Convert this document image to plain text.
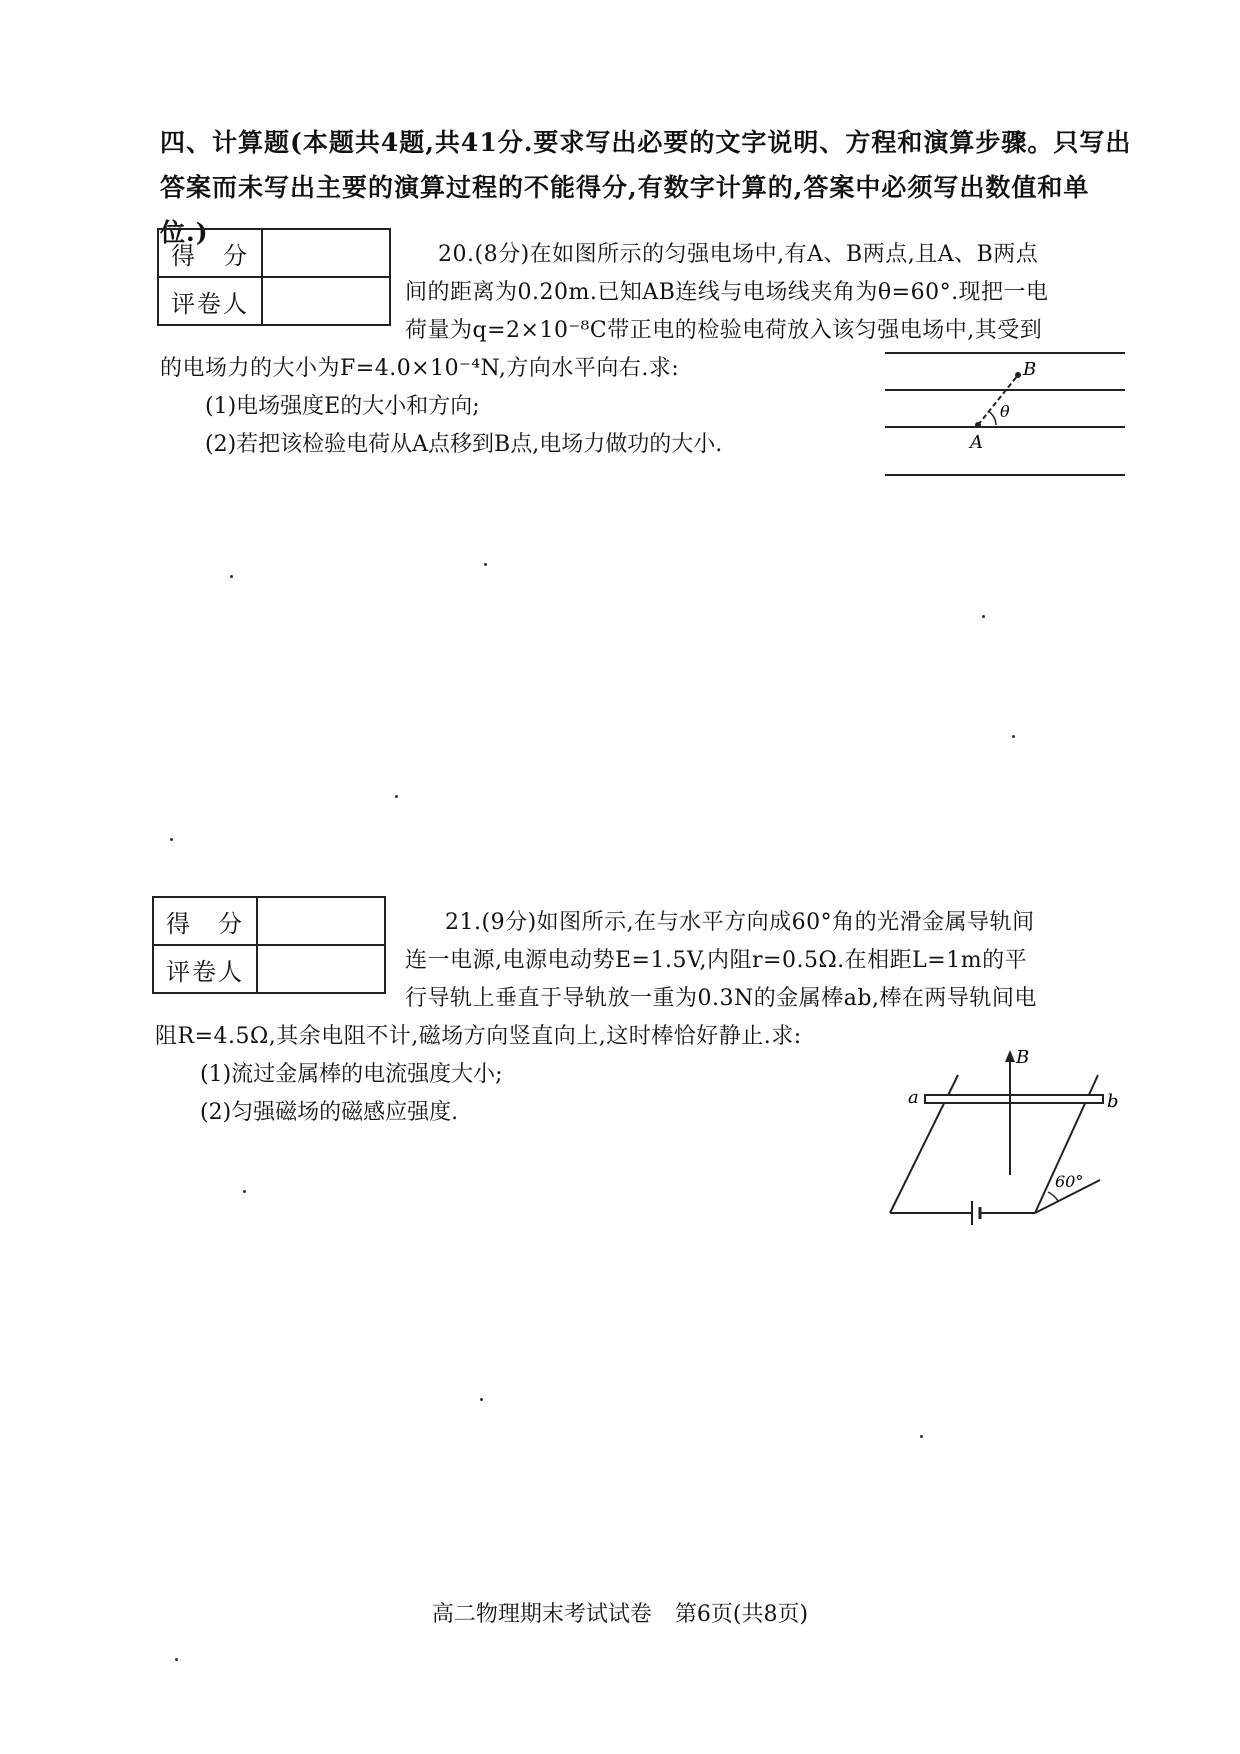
四、计算题(本题共4题,共41分.要求写出必要的文字说明、方程和演算步骤。只写出答案而未写出主要的演算过程的不能得分,有数字计算的,答案中必须写出数值和单位.)
得　分	
评卷人	
20.(8分)在如图所示的匀强电场中,有A、B两点,且A、B两点
间的距离为0.20m.已知AB连线与电场线夹角为θ=60°.现把一电
荷量为q=2×10⁻⁸C带正电的检验电荷放入该匀强电场中,其受到
的电场力的大小为F=4.0×10⁻⁴N,方向水平向右.求:
(1)电场强度E的大小和方向;
(2)若把该检验电荷从A点移到B点,电场力做功的大小.
B
θ
A
得　分	
评卷人	
21.(9分)如图所示,在与水平方向成60°角的光滑金属导轨间
连一电源,电源电动势E=1.5V,内阻r=0.5Ω.在相距L=1m的平
行导轨上垂直于导轨放一重为0.3N的金属棒ab,棒在两导轨间电
阻R=4.5Ω,其余电阻不计,磁场方向竖直向上,这时棒恰好静止.求:
(1)流过金属棒的电流强度大小;
(2)匀强磁场的磁感应强度.
B
a	b
60°
高二物理期末考试试卷 第6页(共8页)
